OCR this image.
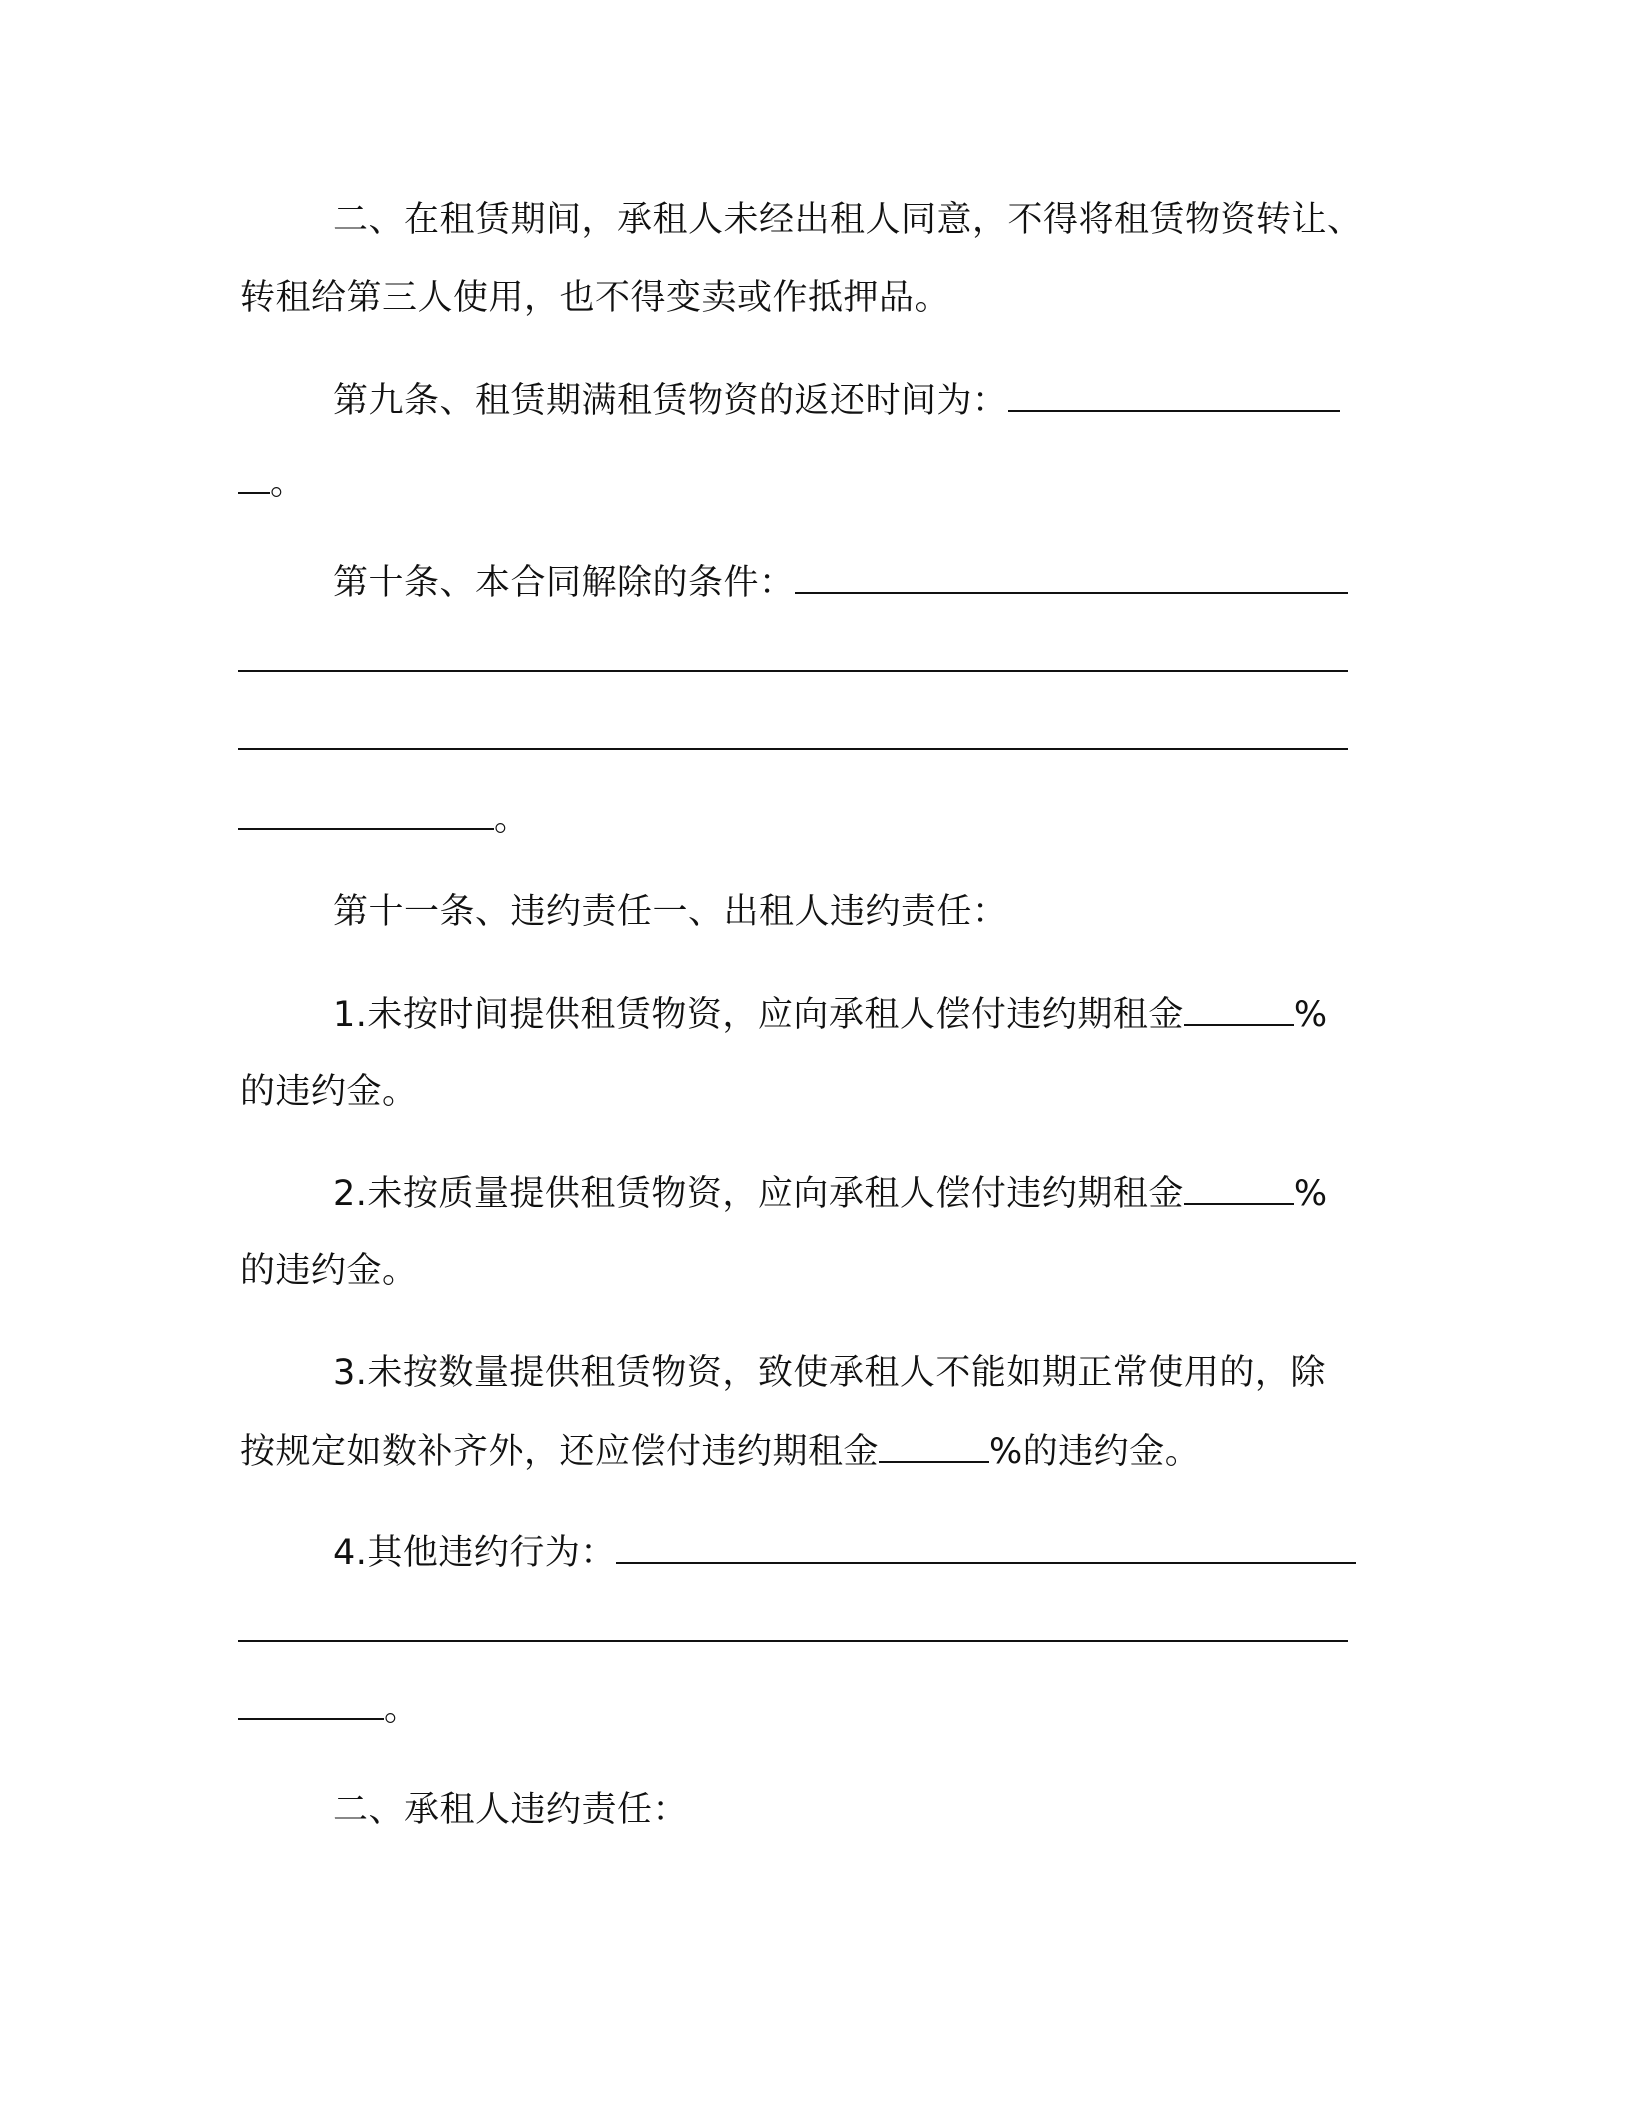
二、在租赁期间，承租人未经出租人同意，不得将租赁物资转让、
转租给第三人使用，也不得变卖或作抵押品。
第九条、租赁期满租赁物资的返还时间为：
。
第十条、本合同解除的条件：
。
第十一条、违约责任一、出租人违约责任：
1.未按时间提供租赁物资，应向承租人偿付违约期租金	%
的违约金。
2.未按质量提供租赁物资，应向承租人偿付违约期租金	%
的违约金。
3.未按数量提供租赁物资，致使承租人不能如期正常使用的，除
按规定如数补齐外，还应偿付违约期租金	%的违约金。
4.其他违约行为：
。
二、承租人违约责任：
